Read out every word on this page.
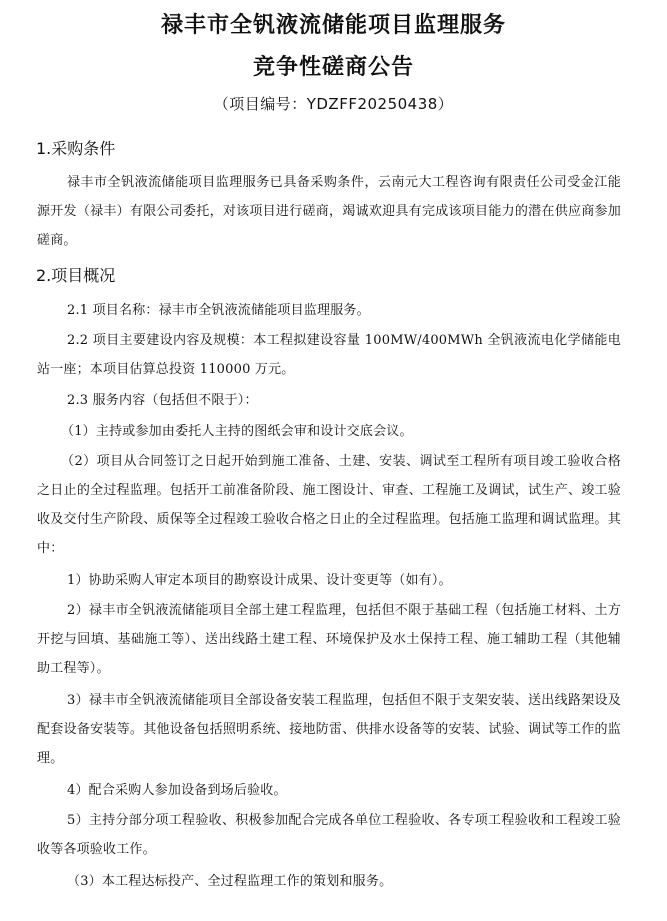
禄丰市全钒液流储能项目监理服务
竞争性磋商公告
（项目编号：YDZFF20250438）
1.采购条件
禄丰市全钒液流储能项目监理服务已具备采购条件，云南元大工程咨询有限责任公司受金江能源开发（禄丰）有限公司委托，对该项目进行磋商，竭诚欢迎具有完成该项目能力的潜在供应商参加磋商。
2.项目概况
2.1 项目名称：禄丰市全钒液流储能项目监理服务。
2.2 项目主要建设内容及规模：本工程拟建设容量 100MW/400MWh 全钒液流电化学储能电站一座；本项目估算总投资 110000 万元。
2.3 服务内容（包括但不限于）：
（1）主持或参加由委托人主持的图纸会审和设计交底会议。
（2）项目从合同签订之日起开始到施工准备、土建、安装、调试至工程所有项目竣工验收合格之日止的全过程监理。包括开工前准备阶段、施工图设计、审查、工程施工及调试，试生产、竣工验收及交付生产阶段、质保等全过程竣工验收合格之日止的全过程监理。包括施工监理和调试监理。其中：
1）协助采购人审定本项目的勘察设计成果、设计变更等（如有）。
2）禄丰市全钒液流储能项目全部土建工程监理，包括但不限于基础工程（包括施工材料、土方开挖与回填、基础施工等）、送出线路土建工程、环境保护及水土保持工程、施工辅助工程（其他辅助工程等）。
3）禄丰市全钒液流储能项目全部设备安装工程监理，包括但不限于支架安装、送出线路架设及配套设备安装等。其他设备包括照明系统、接地防雷、供排水设备等的安装、试验、调试等工作的监理。
4）配合采购人参加设备到场后验收。
5）主持分部分项工程验收、积极参加配合完成各单位工程验收、各专项工程验收和工程竣工验收等各项验收工作。
（3）本工程达标投产、全过程监理工作的策划和服务。
